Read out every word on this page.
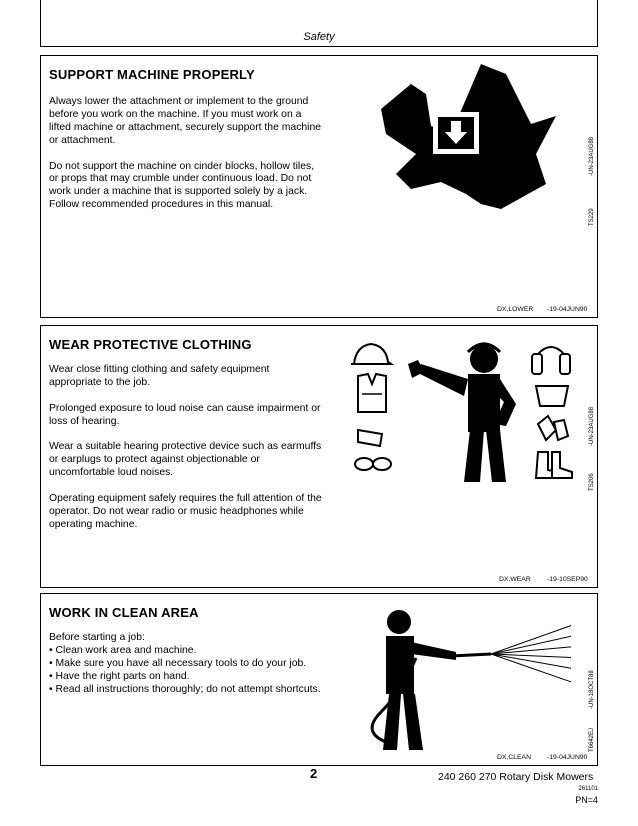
Safety
SUPPORT MACHINE PROPERLY

Always lower the attachment or implement to the ground before you work on the machine. If you must work on a lifted machine or attachment, securely support the machine or attachment.

Do not support the machine on cinder blocks, hollow tiles, or props that may crumble under continuous load. Do not work under a machine that is supported solely by a jack. Follow recommended procedures in this manual.

-UN-23AUG88
TS229
DX,LOWER -19-04JUN90
WEAR PROTECTIVE CLOTHING

Wear close fitting clothing and safety equipment appropriate to the job.

Prolonged exposure to loud noise can cause impairment or loss of hearing.

Wear a suitable hearing protective device such as earmuffs or earplugs to protect against objectionable or uncomfortable loud noises.

Operating equipment safely requires the full attention of the operator. Do not wear radio or music headphones while operating machine.

-UN-23AUG88
TS206
DX,WEAR -19-10SEP90
WORK IN CLEAN AREA
Before starting a job:
• Clean work area and machine.
• Make sure you have all necessary tools to do your job.
• Have the right parts on hand.
• Read all instructions thoroughly; do not attempt shortcuts.	-UN-18OCT88
T6642EJ
DX,CLEAN -19-04JUN90
2	240 260 270 Rotary Disk Mowers
261101
PN=4
